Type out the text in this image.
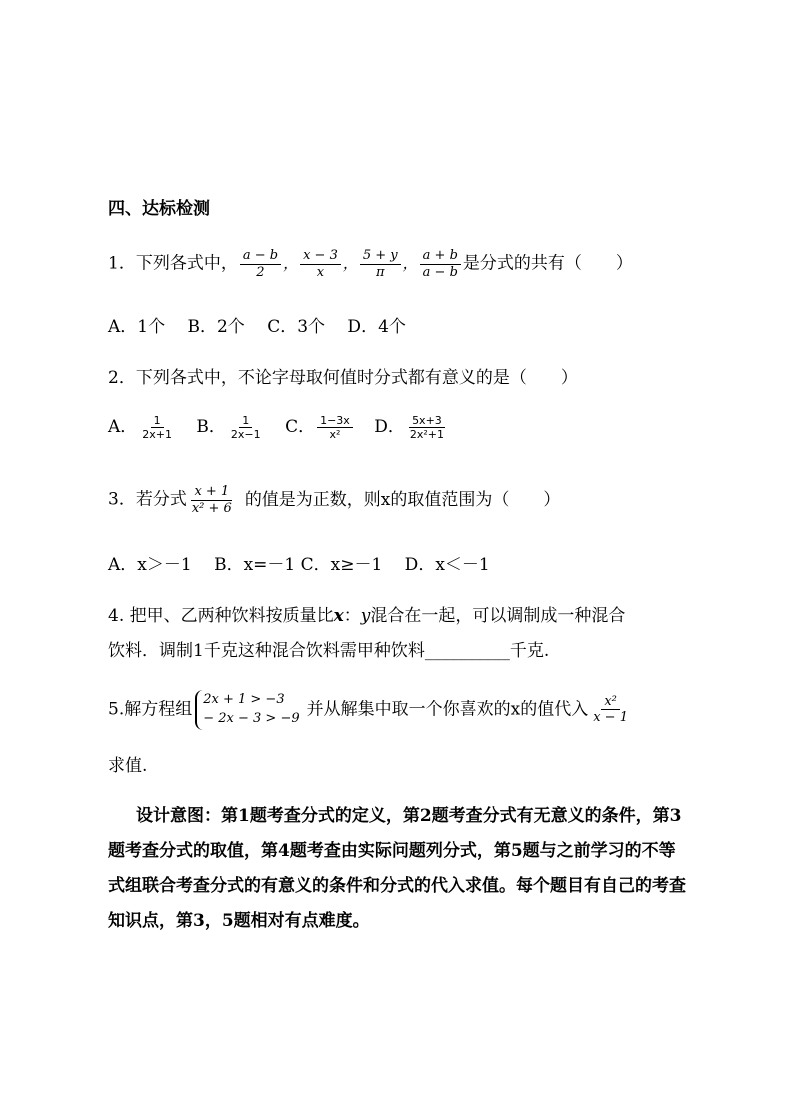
四、达标检测
1．下列各式中， $\frac{a - b}{2}$ ， $\frac{x - 3}{x}$ ， $\frac{5 + y}{\pi}$ ， $\frac{a + b}{a - b}$ 是分式的共有（　　）
A．1个　 B．2个　 C．3个　 D．4个
2．下列各式中，不论字母取何值时分式都有意义的是（　　）
A． $\frac{1}{2x+1}$ B． $\frac{1}{2x-1}$ C． $\frac{1-3x}{\text{x²}}$ D． $\frac{5x+3}{\text{2x²+1}}$
3．若分式 $\frac{x + 1}{\text{x² + 6}}$ 的值是为正数，则x的取值范围为（　　）
A．x＞－1　 B．x=－1 C．x≥－1　 D．x＜－1
4. 把甲、乙两种饮料按质量比x：y混合在一起，可以调制成一种混合
饮料．调制1千克这种混合饮料需甲种饮料__________千克.
5.解方程组 2x + 1 > −3
− 2x − 3 > −9 并从解集中取一个你喜欢的x的值代入 $\frac{\text{x²}}{x - 1}$
求值.
设计意图：第1题考查分式的定义，第2题考查分式有无意义的条件，第3题考查分式的取值，第4题考查由实际问题列分式，第5题与之前学习的不等式组联合考查分式的有意义的条件和分式的代入求值。每个题目有自己的考查知识点，第3，5题相对有点难度。
